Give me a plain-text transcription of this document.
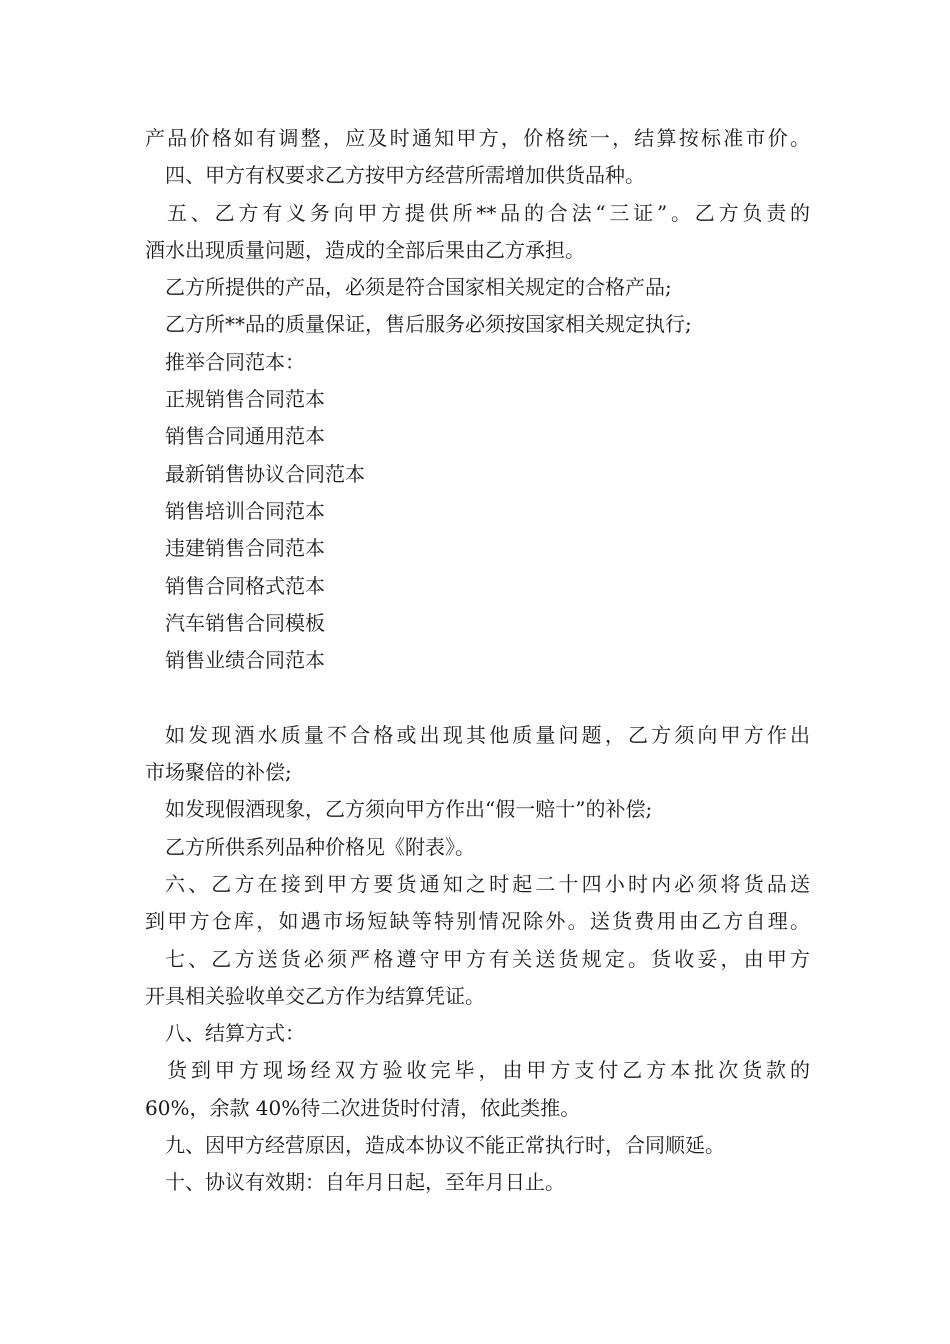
产品价格如有调整，应及时通知甲方，价格统一，结算按标准市价。
四、甲方有权要求乙方按甲方经营所需增加供货品种。
五、乙方有义务向甲方提供所**品的合法“三证”。乙方负责的
酒水出现质量问题，造成的全部后果由乙方承担。
乙方所提供的产品，必须是符合国家相关规定的合格产品;
乙方所**品的质量保证，售后服务必须按国家相关规定执行;
推举合同范本：
正规销售合同范本
销售合同通用范本
最新销售协议合同范本
销售培训合同范本
违建销售合同范本
销售合同格式范本
汽车销售合同模板
销售业绩合同范本
如发现酒水质量不合格或出现其他质量问题，乙方须向甲方作出
市场聚倍的补偿;
如发现假酒现象，乙方须向甲方作出“假一赔十”的补偿;
乙方所供系列品种价格见《附表》。
六、乙方在接到甲方要货通知之时起二十四小时内必须将货品送
到甲方仓库，如遇市场短缺等特别情况除外。送货费用由乙方自理。
七、乙方送货必须严格遵守甲方有关送货规定。货收妥，由甲方
开具相关验收单交乙方作为结算凭证。
八、结算方式：
货到甲方现场经双方验收完毕，由甲方支付乙方本批次货款的
60%，余款 40%待二次进货时付清，依此类推。
九、因甲方经营原因，造成本协议不能正常执行时，合同顺延。
十、协议有效期：自年月日起，至年月日止。
